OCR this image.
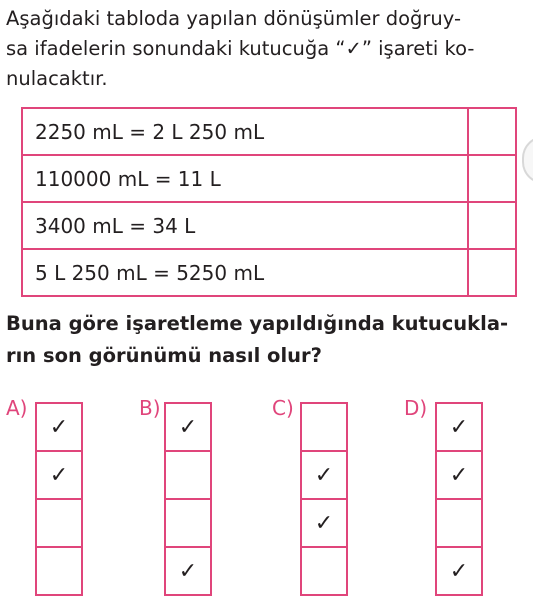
Aşağıdaki tabloda yapılan dönüşümler doğruy-
sa ifadelerin sonundaki kutucuğa “✓” işareti ko-
nulacaktır.
2250 mL = 2 L 250 mL	
110000 mL = 11 L	
3400 mL = 34 L	
5 L 250 mL = 5250 mL	
Buna göre işaretleme yapıldığında kutucukla-
rın son görünümü nasıl olur?
A)
✓
✓

B)
✓

✓
C)

✓
✓

D)
✓
✓

✓
